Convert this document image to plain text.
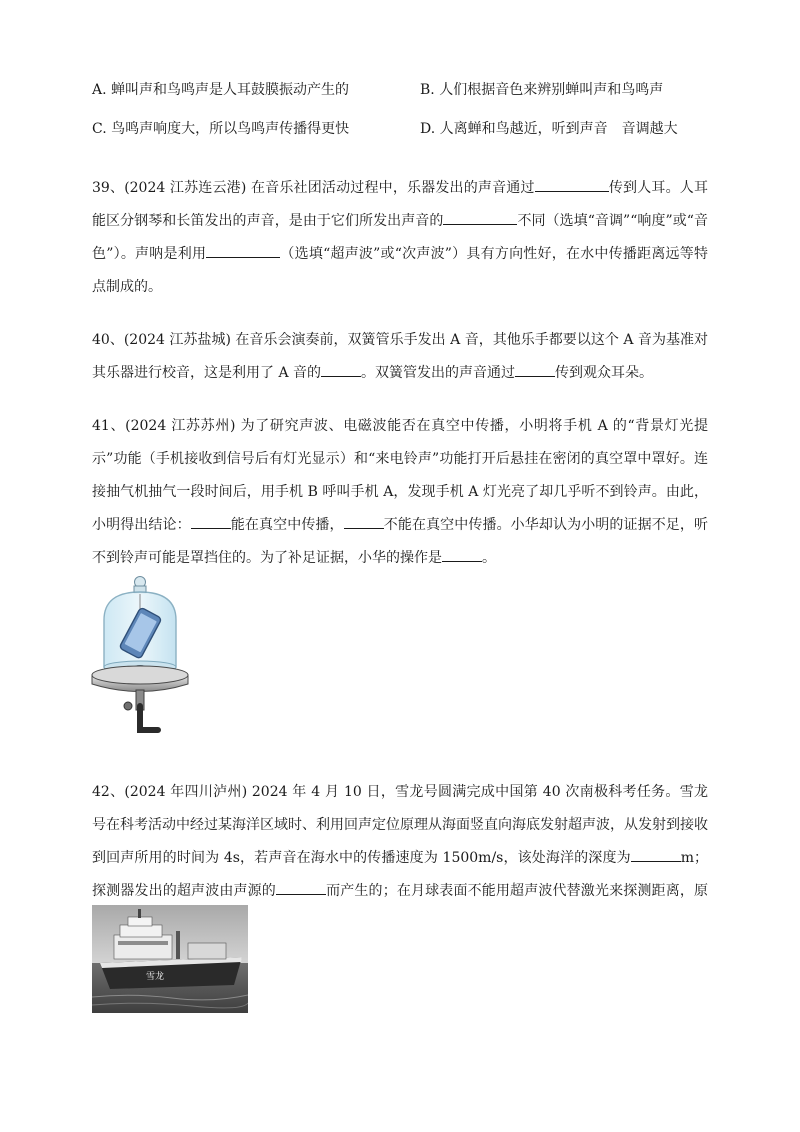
A. 蝉叫声和鸟鸣声是人耳鼓膜振动产生的	B. 人们根据音色来辨别蝉叫声和鸟鸣声
C. 鸟鸣声响度大，所以鸟鸣声传播得更快	D. 人离蝉和鸟越近，听到声音　音调越大

39、(2024 江苏连云港) 在音乐社团活动过程中，乐器发出的声音通过	传到人耳。人耳能区分钢琴和长笛发出的声音，是由于它们所发出声音的	不同（选填“音调”“响度”或“音色”）。声呐是利用	（选填“超声波”或“次声波”）具有方向性好，在水中传播距离远等特点制成的。

40、(2024 江苏盐城) 在音乐会演奏前，双簧管乐手发出 A 音，其他乐手都要以这个 A 音为基准对其乐器进行校音，这是利用了 A 音的	。双簧管发出的声音通过	传到观众耳朵。

41、(2024 江苏苏州) 为了研究声波、电磁波能否在真空中传播，小明将手机 A 的“背景灯光提示”功能（手机接收到信号后有灯光显示）和“来电铃声”功能打开后悬挂在密闭的真空罩中罩好。连接抽气机抽气一段时间后，用手机 B 呼叫手机 A，发现手机 A 灯光亮了却几乎听不到铃声。由此，小明得出结论：	能在真空中传播，	不能在真空中传播。小华却认为小明的证据不足，听不到铃声可能是罩挡住的。为了补足证据，小华的操作是	。

42、(2024 年四川泸州) 2024 年 4 月 10 日，雪龙号圆满完成中国第 40 次南极科考任务。雪龙号在科考活动中经过某海洋区域时、利用回声定位原理从海面竖直向海底发射超声波，从发射到接收到回声所用的时间为 4s，若声音在海水中的传播速度为 1500m/s，该处海洋的深度为	m；探测器发出的超声波由声源的	而产生的；在月球表面不能用超声波代替激光来探测距离，原

雪龙
